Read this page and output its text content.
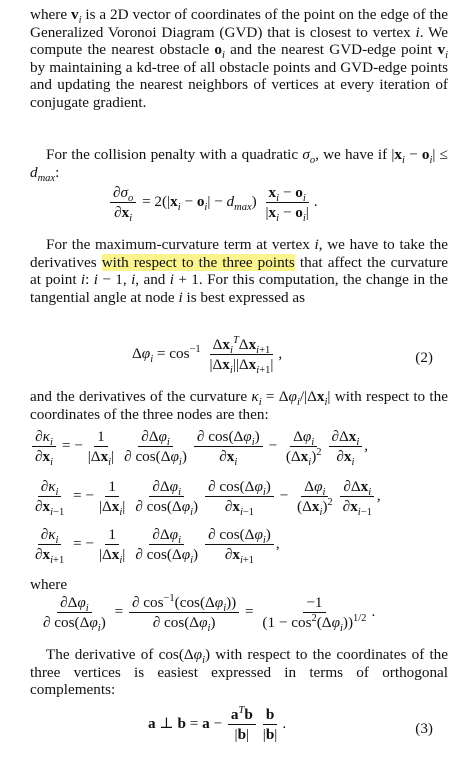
where $v_i$ is a 2D vector of coordinates of the point on the edge of the Generalized Voronoi Diagram (GVD) that is closest to vertex i. We compute the nearest obstacle $o_i$ and the nearest GVD-edge point $v_i$ by maintaining a kd-tree of all obstacle points and GVD-edge points and updating the nearest neighbors of vertices at every iteration of conjugate gradient.
For the collision penalty with a quadratic $\sigma_o$, we have if $|x_i - o_i| \le d_{max}$:
$\frac{\partial\sigma_o}{\partial x_i} = 2(|x_i - o_i| - d_{max}) \frac{x_i - o_i}{|x_i - o_i|}$ .
For the maximum-curvature term at vertex i, we have to take the derivatives with respect to the three points that affect the curvature at point i: i − 1, i, and i + 1. For this computation, the change in the tangential angle at node i is best expressed as
$\Delta\varphi_i = \cos^{-1} \frac{\Delta x_i^T\Delta x_{i+1}}{|\Delta x_i||\Delta x_{i+1}|}$ ,	(2)
and the derivatives of the curvature $\kappa_i = \Delta\varphi_i/|\Delta x_i|$ with respect to the coordinates of the three nodes are then:
$\frac{\partial\kappa_i}{\partial x_i}$ = − $\frac{1}{|\Delta x_i|} \frac{\partial\Delta\varphi_i}{\partial \cos(\Delta\varphi_i)} \frac{\partial \cos(\Delta\varphi_i)}{\partial x_i} - \frac{\Delta\varphi_i}{(\Delta x_i)^2} \frac{\partial\Delta x_i}{\partial x_i}$ ,
$\frac{\partial\kappa_i}{\partial x_{i-1}}$ = − $\frac{1}{|\Delta x_i|} \frac{\partial\Delta\varphi_i}{\partial \cos(\Delta\varphi_i)} \frac{\partial \cos(\Delta\varphi_i)}{\partial x_{i-1}} - \frac{\Delta\varphi_i}{(\Delta x_i)^2} \frac{\partial\Delta x_i}{\partial x_{i-1}}$ ,
$\frac{\partial\kappa_i}{\partial x_{i+1}}$ = − $\frac{1}{|\Delta x_i|} \frac{\partial\Delta\varphi_i}{\partial \cos(\Delta\varphi_i)} \frac{\partial \cos(\Delta\varphi_i)}{\partial x_{i+1}}$ ,
where
$\frac{\partial\Delta\varphi_i}{\partial \cos(\Delta\varphi_i)} = \frac{\partial \cos^{-1}(\cos(\Delta\varphi_i))}{\partial \cos(\Delta\varphi_i)} = \frac{-1}{(1 - \cos^2(\Delta\varphi_i))^{1/2}}$ .
The derivative of $\cos(\Delta\varphi_i)$ with respect to the coordinates of the three vertices is easiest expressed in terms of orthogonal complements:
a ⊥ $b = a - \frac{a^Tb}{|b|} \frac{b}{|b|}$ .	(3)
